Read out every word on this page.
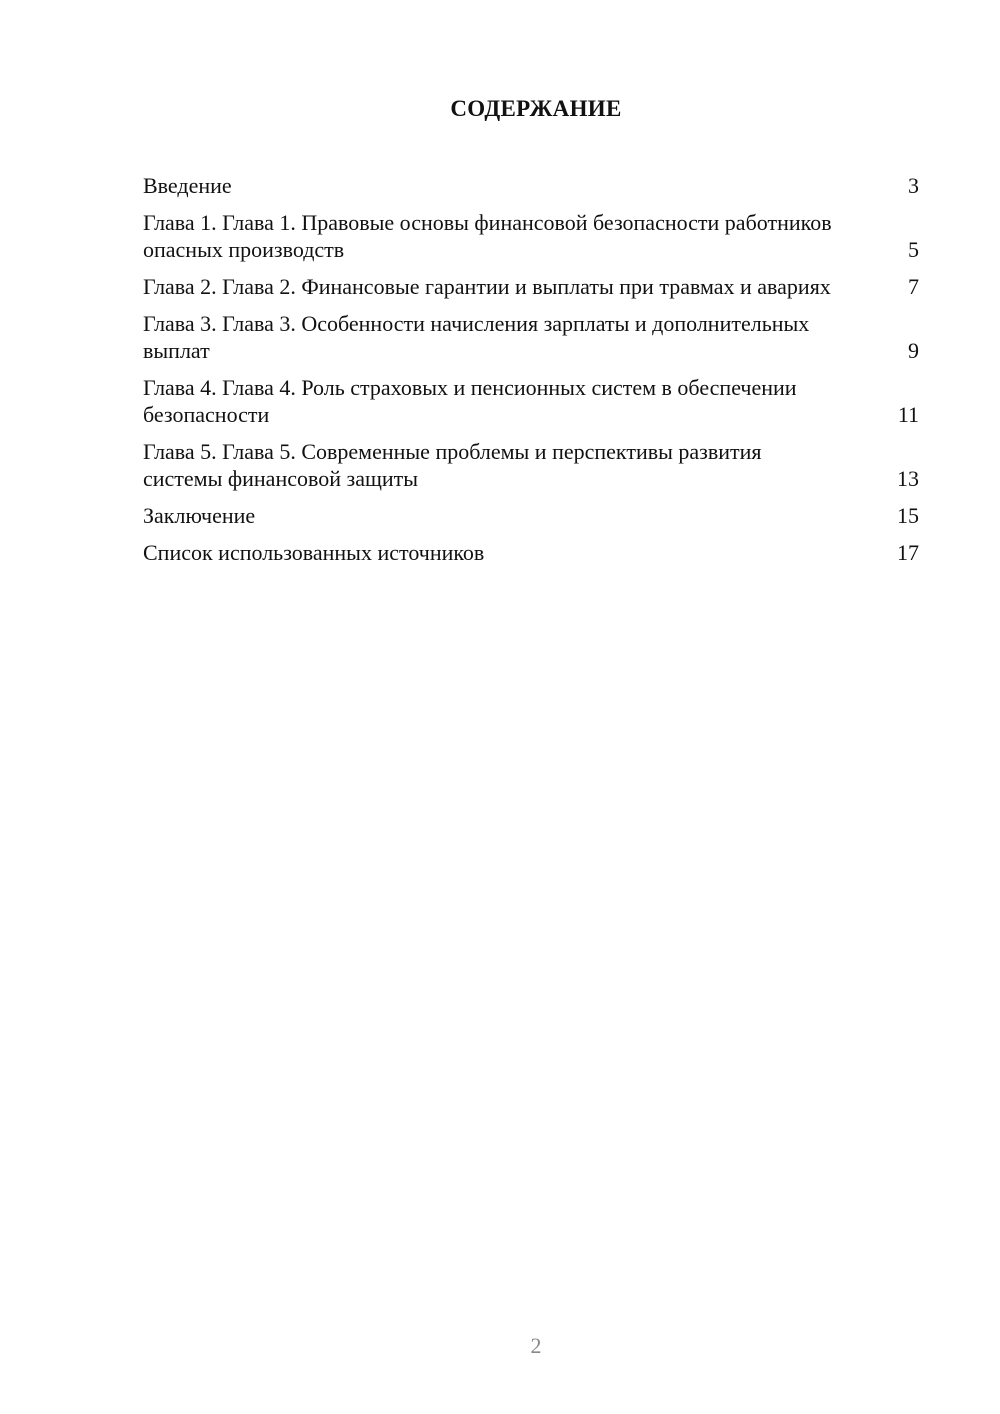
СОДЕРЖАНИЕ
Введение	3
Глава 1. Глава 1. Правовые основы финансовой безопасности работников опасных производств	5
Глава 2. Глава 2. Финансовые гарантии и выплаты при травмах и авариях	7
Глава 3. Глава 3. Особенности начисления зарплаты и дополнительных выплат	9
Глава 4. Глава 4. Роль страховых и пенсионных систем в обеспечении безопасности	11
Глава 5. Глава 5. Современные проблемы и перспективы развития системы финансовой защиты	13
Заключение	15
Список использованных источников	17
2
